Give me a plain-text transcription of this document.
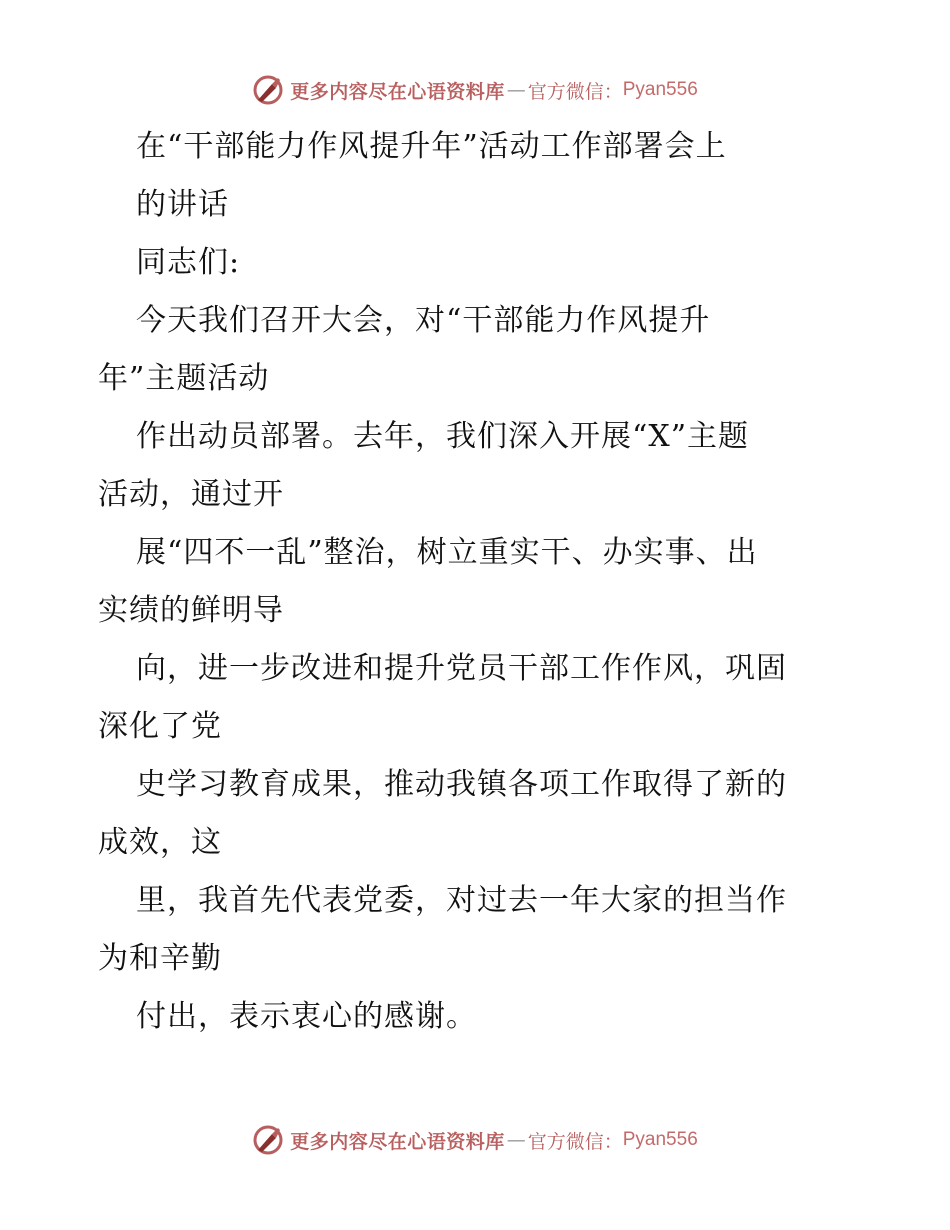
更多内容尽在心语资料库 — 官方微信： Pyan556
在“干部能力作风提升年”活动工作部署会上
的讲话
同志们:
今天我们召开大会，对“干部能力作风提升
年”主题活动
作出动员部署。去年，我们深入开展“X”主题
活动，通过开
展“四不一乱”整治，树立重实干、办实事、出
实绩的鲜明导
向，进一步改进和提升党员干部工作作风，巩固
深化了党
史学习教育成果，推动我镇各项工作取得了新的
成效，这
里，我首先代表党委，对过去一年大家的担当作
为和辛勤
付出，表示衷心的感谢。
更多内容尽在心语资料库 — 官方微信： Pyan556
